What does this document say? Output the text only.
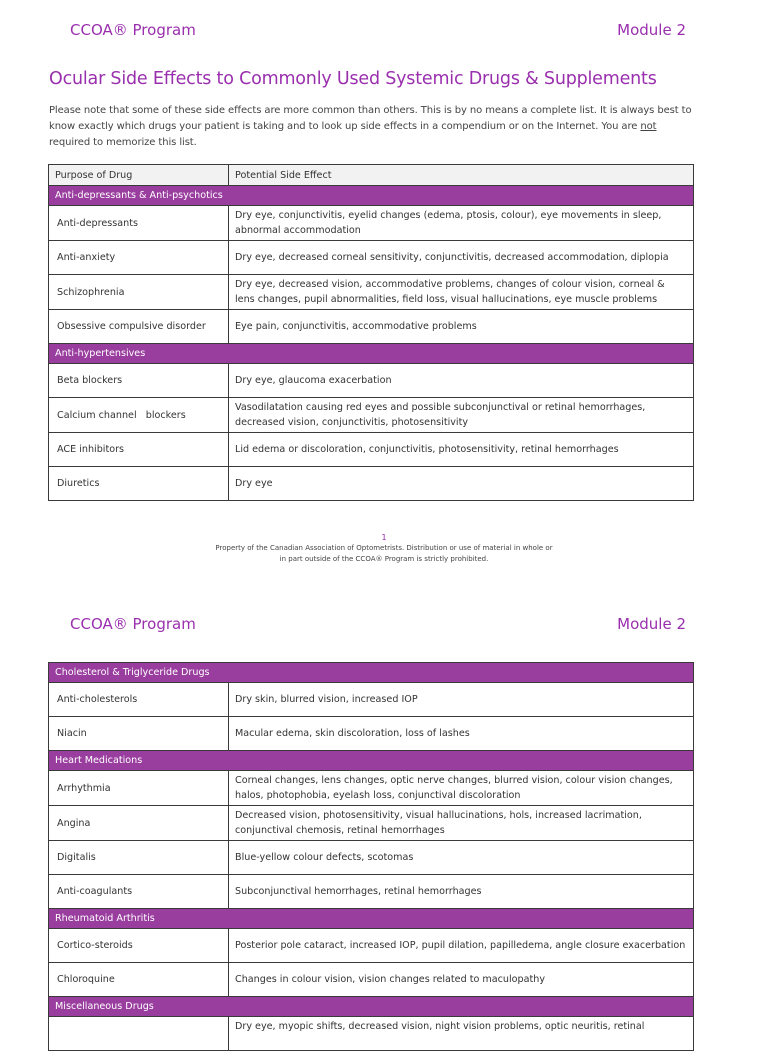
CCOA® Program	Module 2
Ocular Side Effects to Commonly Used Systemic Drugs & Supplements
Please note that some of these side effects are more common than others. This is by no means a complete list. It is always best to know exactly which drugs your patient is taking and to look up side effects in a compendium or on the Internet. You are not required to memorize this list.
Purpose of Drug	Potential Side Effect
Anti-depressants & Anti-psychotics	
Anti-depressants	Dry eye, conjunctivitis, eyelid changes (edema, ptosis, colour), eye movements in sleep, abnormal accommodation
Anti-anxiety	Dry eye, decreased corneal sensitivity, conjunctivitis, decreased accommodation, diplopia
Schizophrenia	Dry eye, decreased vision, accommodative problems, changes of colour vision, corneal & lens changes, pupil abnormalities, field loss, visual hallucinations, eye muscle problems
Obsessive compulsive disorder	Eye pain, conjunctivitis, accommodative problems
Anti-hypertensives	
Beta blockers	Dry eye, glaucoma exacerbation
Calcium channel   blockers	Vasodilatation causing red eyes and possible subconjunctival or retinal hemorrhages, decreased vision, conjunctivitis, photosensitivity
ACE inhibitors	Lid edema or discoloration, conjunctivitis, photosensitivity, retinal hemorrhages
Diuretics	Dry eye
1
Property of the Canadian Association of Optometrists. Distribution or use of material in whole or
in part outside of the CCOA® Program is strictly prohibited.
CCOA® Program	Module 2
Cholesterol & Triglyceride Drugs	
Anti-cholesterols	Dry skin, blurred vision, increased IOP
Niacin	Macular edema, skin discoloration, loss of lashes
Heart Medications	
Arrhythmia	Corneal changes, lens changes, optic nerve changes, blurred vision, colour vision changes, halos, photophobia, eyelash loss, conjunctival discoloration
Angina	Decreased vision, photosensitivity, visual hallucinations, hols, increased lacrimation, conjunctival chemosis, retinal hemorrhages
Digitalis	Blue-yellow colour defects, scotomas
Anti-coagulants	Subconjunctival hemorrhages, retinal hemorrhages
Rheumatoid Arthritis	
Cortico-steroids	Posterior pole cataract, increased IOP, pupil dilation, papilledema, angle closure exacerbation
Chloroquine	Changes in colour vision, vision changes related to maculopathy
Miscellaneous Drugs	
	Dry eye, myopic shifts, decreased vision, night vision problems, optic neuritis, retinal
